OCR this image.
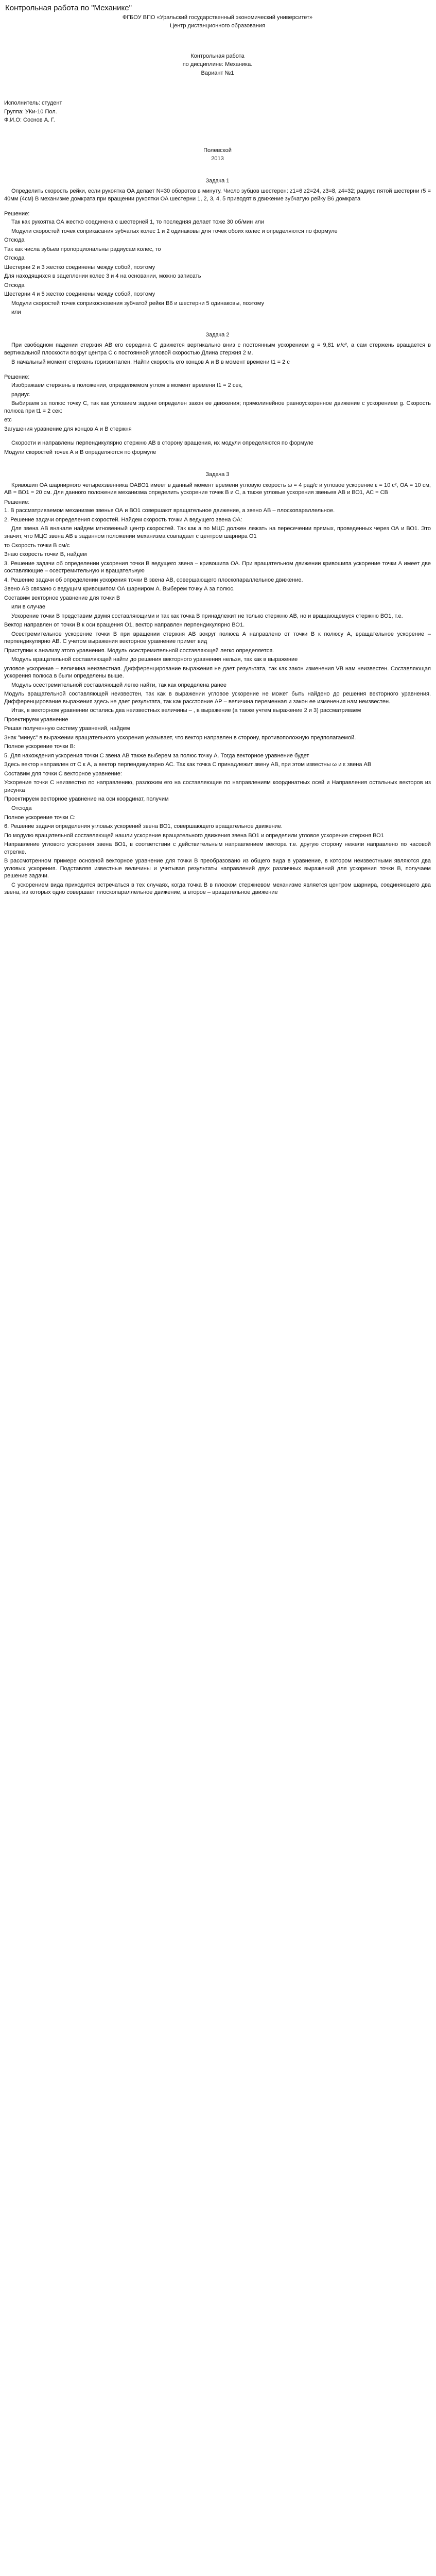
Контрольная работа по "Механике"
ФГБОУ ВПО «Уральский государственный экономический университет»
Центр дистанционного образования
Контрольная работа
по дисциплине: Механика.
Вариант №1
Испoлнитель: студент
Группа: УКи-10 Пол.
Ф.И.О: Соснов А. Г.
Полевской
2013
Задача 1

Определить скорость рейки, если рукоятка ОА делает N=30 оборотов в минуту. Число зубцов шестерен: z1=6 z2=24, z3=8, z4=32; радиус пятой шестерни r5 = 40мм (4см) В механизме домкрата при вращении рукоятки ОА шестерни 1, 2, 3, 4, 5 приводят в движение зубчатую рейку В6 домкрата

Решение:

Так как рукоятка ОА жестко соединена с шестерней 1, то последняя делает тоже 30 об/мин или

Модули скоростей точек соприкасания зубчатых колес 1 и 2 одинаковы для точек обоих колес и определяются по формуле

Отсюда

Так как числа зубьев пропорциональны радиусам колес, то

Отсюда

Шестерни 2 и 3 жестко соединены между собой, поэтому

Для находящихся в зацеплении колес 3 и 4 на основании, можно записать

Отсюда

Шестерни 4 и 5 жестко соединены между собой, поэтому

Модули скоростей точек соприкосновения зубчатой рейки В6 и шестерни 5 одинаковы, поэтому

или

Задача 2

При свободном падении стержня АВ его середина С движется вертикально вниз с постоянным ускорением g = 9,81 м/с², а сам стержень вращается в вертикальной плоскости вокруг центра С с постоянной угловой скоростью Длина стержня 2 м.

В начальный момент стержень горизонтален. Найти скорость его концов А и В в момент времени t1 = 2 с

Решение:

Изображаем стержень в положении, определяемом углом в момент времени t1 = 2 сек,

радиус

Выбираем за полюс точку С, так как условием задачи определен закон ее движения; прямолинейное равноускоренное движение с ускорением g. Скорость полюса при t1 = 2 сек:

etc

Загушения уравнение для концов А и В стержня

Скорости и направлены перпендикулярно стержню АВ в сторону вращения, их модули определяются по формуле

Модули скоростей точек А и В определяются по формуле

Задача 3

Кривошип ОА шарнирного четырехзвенника ОАВО1 имеет в данный момент времени угловую скорость ω = 4 рад/с и угловое ускорение ε = 10 с², ОА = 10 см, АВ = ВО1 = 20 см. Для данного положения механизма определить ускорение точек В и С, а также угловые ускорения звеньев АВ и ВО1, АС = СВ

Решение:

1. В рассматриваемом механизме звенья ОА и ВО1 совершают вращательное движение, а звено АВ – плоскопараллельное.

2. Решение задачи определения скоростей. Найдем скорость точки А ведущего звена ОА:

Для звена АВ вначале найдем мгновенный центр скоростей. Так как а по МЦС должен лежать на пересечении прямых, проведенных через ОА и ВО1. Это значит, что МЦС звена АВ в заданном положении механизма совпадает с центром шарнира О1

то Скорость точки В см/с

Знаю скорость точки В, найдем

3. Решение задачи об определении ускорения точки В ведущего звена – кривошипа ОА. При вращательном движении кривошипа ускорение точки А имеет две составляющие – осестремительную и вращательную

4. Решение задачи об определении ускорения точки В звена АВ, совершающего плоскопараллельное движение.

Звено АВ связано с ведущим кривошипом ОА шарниром А. Выберем точку А за полюс.

Составим векторное уравнение для точки В

или в случае

Ускорение точки В представим двумя составляющими и так как точка В принадлежит не только стержню АВ, но и вращающемуся стержню ВО1, т.е.

Вектор направлен от точки В к оси вращения О1, вектор направлен перпендикулярно ВО1.

Осестремительное ускорение точки В при вращении стержня АВ вокруг полюса А направлено от точки В к полюсу А, вращательное ускорение – перпендикулярно АВ. С учетом выражения векторное уравнение примет вид

Приступим к анализу этого уравнения. Модуль осестремительной составляющей легко определяется.

Модуль вращательной составляющей найти до решения векторного уравнения нельзя, так как в выражение

угловое ускорение – величина неизвестная. Дифференцирование выражения не дает результата, так как закон изменения VB нам неизвестен. Составляющая ускорения полюса в были определены выше.

Модуль осестремительной составляющей легко найти, так как определена ранее

Модуль вращательной составляющей неизвестен, так как в выражении угловое ускорение не может быть найдено до решения векторного уравнения. Дифференцирование выражения здесь не дает результата, так как расстояние АР – величина переменная и закон ее изменения нам неизвестен.

Итак, в векторном уравнении остались два неизвестных величины – , в выражение (а также учтем выражение 2 и 3) рассматриваем

Проектируем уравнение

Решая полученную систему уравнений, найдем

Знак "минус" в выражении вращательного ускорения указывает, что вектор направлен в сторону, противоположную предполагаемой.

Полное ускорение точки В:

5. Для нахождения ускорения точки С звена АВ также выберем за полюс точку А. Тогда векторное уравнение будет

Здесь вектор направлен от С к А, а вектор перпендикулярно АС. Так как точка С принадлежит звену АВ, при этом известны ω и ε звена АВ

Составим для точки С векторное уравнение:

Ускорение точки С неизвестно по направлению, разложим его на составляющие по направлениям координатных осей и Направления остальных векторов из рисунка

Проектируем векторное уравнение на оси координат, получим

Отсюда

Полное ускорение точки С:

6. Решение задачи определения угловых ускорений звена ВО1, совершающего вращательное движение.

По модулю вращательной составляющей нашли ускорение вращательного движения звена ВО1 и определили угловое ускорение стержня ВО1

Направление углового ускорения звена ВО1, в соответствии с действительным направлением вектора т.е. другую сторону нежели направлено по часовой стрелке.

В рассмотренном примере основной векторное уравнение для точки В преобразовано из общего вида в уравнение, в котором неизвестными являются два угловых ускорения. Подставляя известные величины и учитывая результаты направлений двух различных выражений для ускорения точки В, получаем решение задачи.

С ускорением вида приходится встречаться в тех случаях, когда точка В в плоском стержневом механизме является центром шарнира, соединяющего два звена, из которых одно совершает плоскопараллельное движение, а второе – вращательное движение
